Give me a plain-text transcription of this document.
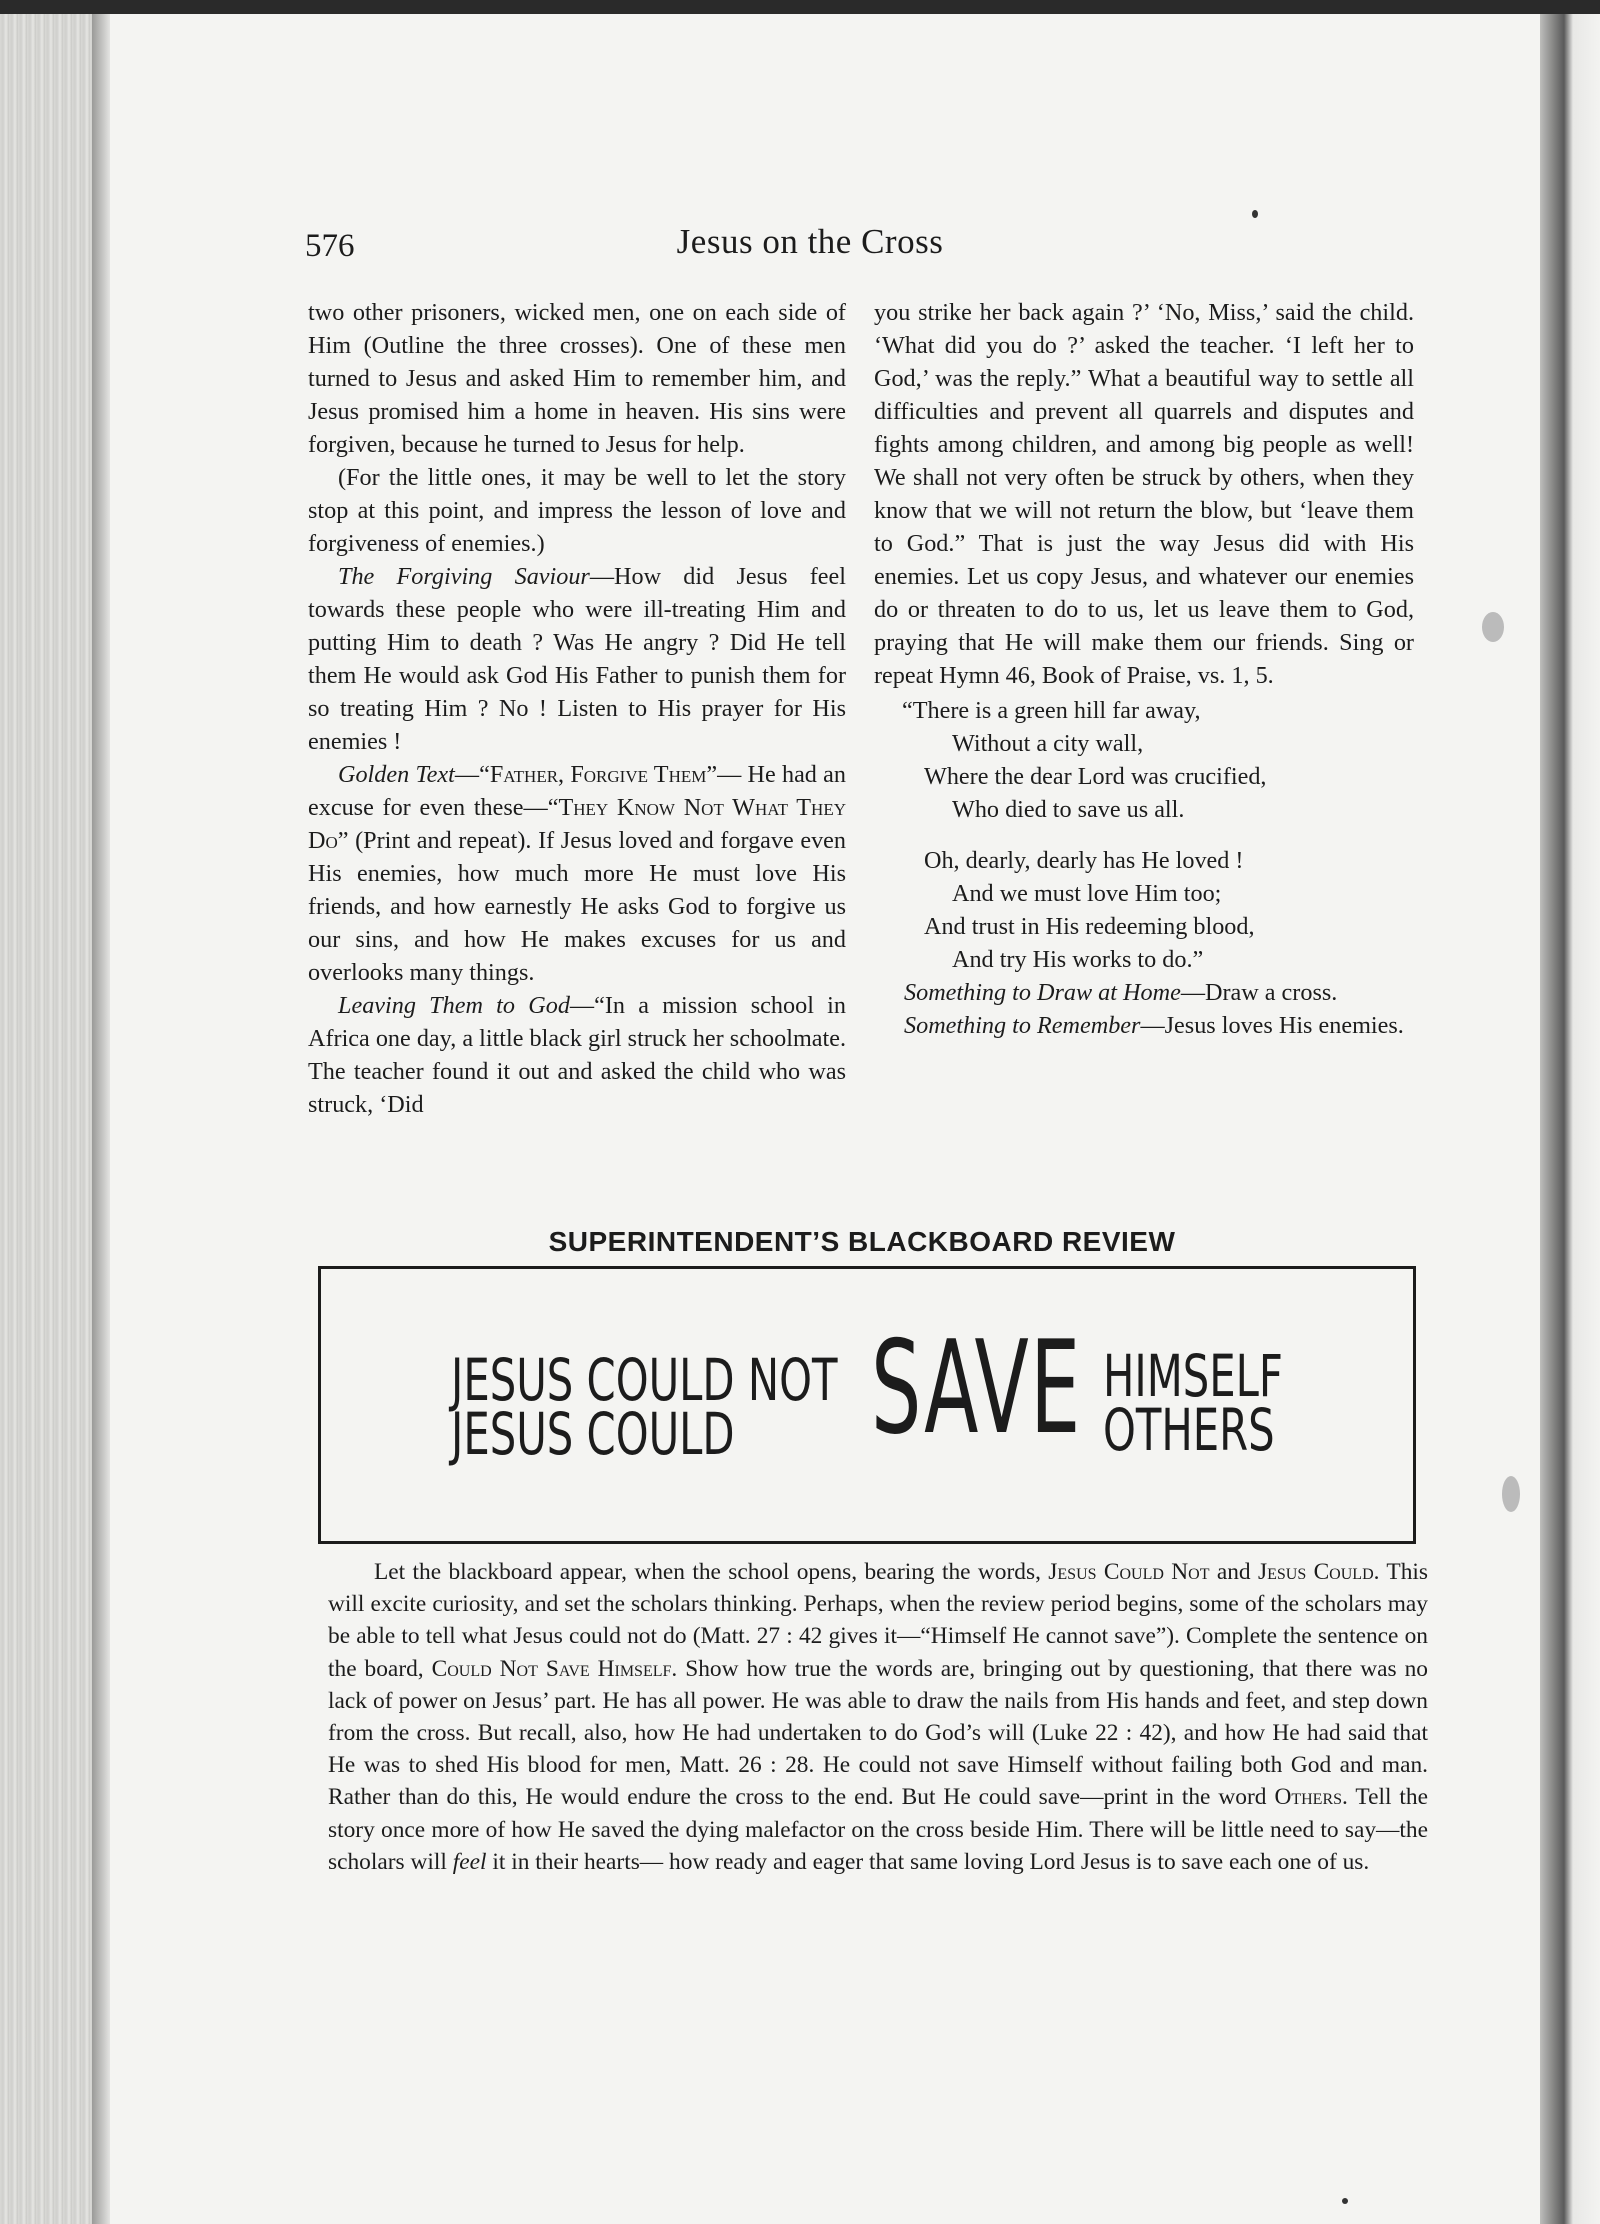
576	Jesus on the Cross

two other prisoners, wicked men, one on each side of Him (Outline the three crosses). One of these men turned to Jesus and asked Him to remember him, and Jesus promised him a home in heaven. His sins were forgiven, because he turned to Jesus for help.

(For the little ones, it may be well to let the story stop at this point, and impress the lesson of love and forgiveness of enemies.)

The Forgiving Saviour—How did Jesus feel towards these people who were ill-treating Him and putting Him to death ? Was He angry ? Did He tell them He would ask God His Father to punish them for so treating Him ? No ! Listen to His prayer for His enemies !

Golden Text—“Father, Forgive Them”— He had an excuse for even these—“They Know Not What They Do” (Print and repeat). If Jesus loved and forgave even His enemies, how much more He must love His friends, and how earnestly He asks God to forgive us our sins, and how He makes excuses for us and overlooks many things.

Leaving Them to God—“In a mission school in Africa one day, a little black girl struck her schoolmate. The teacher found it out and asked the child who was struck, ‘Did

you strike her back again ?’ ‘No, Miss,’ said the child. ‘What did you do ?’ asked the teacher. ‘I left her to God,’ was the reply.” What a beautiful way to settle all difficulties and prevent all quarrels and disputes and fights among children, and among big people as well! We shall not very often be struck by others, when they know that we will not return the blow, but ‘leave them to God.” That is just the way Jesus did with His enemies. Let us copy Jesus, and whatever our enemies do or threaten to do to us, let us leave them to God, praying that He will make them our friends. Sing or repeat Hymn 46, Book of Praise, vs. 1, 5.

“There is a green hill far away,
Without a city wall,
Where the dear Lord was crucified,
Who died to save us all.
Oh, dearly, dearly has He loved !
And we must love Him too;
And trust in His redeeming blood,
And try His works to do.”

Something to Draw at Home—Draw a cross.

Something to Remember—Jesus loves His enemies.

SUPERINTENDENT’S BLACKBOARD REVIEW
JESUS COULD NOT
JESUS COULD	SAVE HIMSELF
OTHERS

Let the blackboard appear, when the school opens, bearing the words, Jesus Could Not and Jesus Could. This will excite curiosity, and set the scholars thinking. Perhaps, when the review period begins, some of the scholars may be able to tell what Jesus could not do (Matt. 27 : 42 gives it—“Himself He cannot save”). Complete the sentence on the board, Could Not Save Himself. Show how true the words are, bringing out by questioning, that there was no lack of power on Jesus’ part. He has all power. He was able to draw the nails from His hands and feet, and step down from the cross. But recall, also, how He had undertaken to do God’s will (Luke 22 : 42), and how He had said that He was to shed His blood for men, Matt. 26 : 28. He could not save Himself without failing both God and man. Rather than do this, He would endure the cross to the end. But He could save—print in the word Others. Tell the story once more of how He saved the dying malefactor on the cross beside Him. There will be little need to say—the scholars will feel it in their hearts— how ready and eager that same loving Lord Jesus is to save each one of us.
